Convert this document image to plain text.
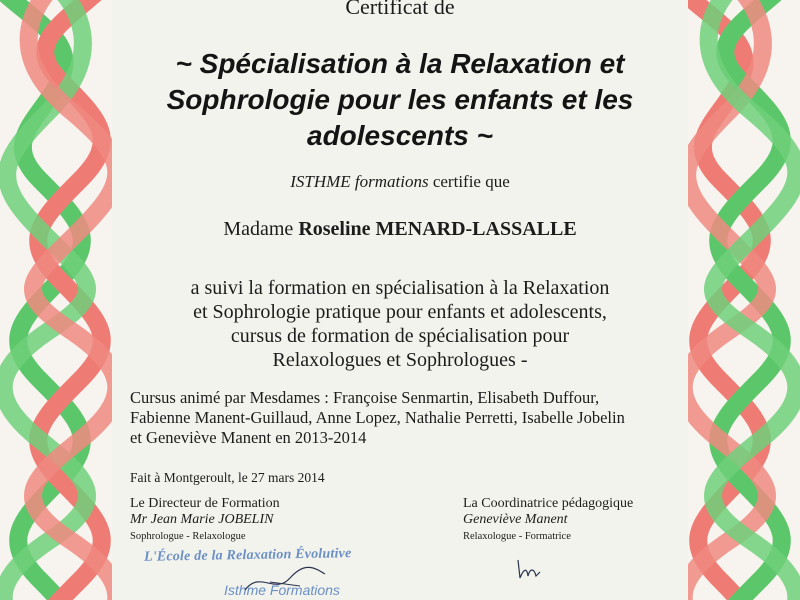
Certificat de
~ Spécialisation à la Relaxation et
Sophrologie pour les enfants et les
adolescents ~
ISTHME formations certifie que
Madame Roseline MENARD-LASSALLE
a suivi la formation en spécialisation à la Relaxation
et Sophrologie pratique pour enfants et adolescents,
cursus de formation de spécialisation pour
Relaxologues et Sophrologues -
Cursus animé par Mesdames : Françoise Senmartin, Elisabeth Duffour,
Fabienne Manent-Guillaud, Anne Lopez, Nathalie Perretti, Isabelle Jobelin
et Geneviève Manent en 2013-2014
Fait à Montgeroult, le 27 mars 2014
Le Directeur de Formation
Mr Jean Marie JOBELIN
Sophrologue - Relaxologue
La Coordinatrice pédagogique
Geneviève Manent
Relaxologue - Formatrice
L'École de la Relaxation Évolutive
Isthme Formations
